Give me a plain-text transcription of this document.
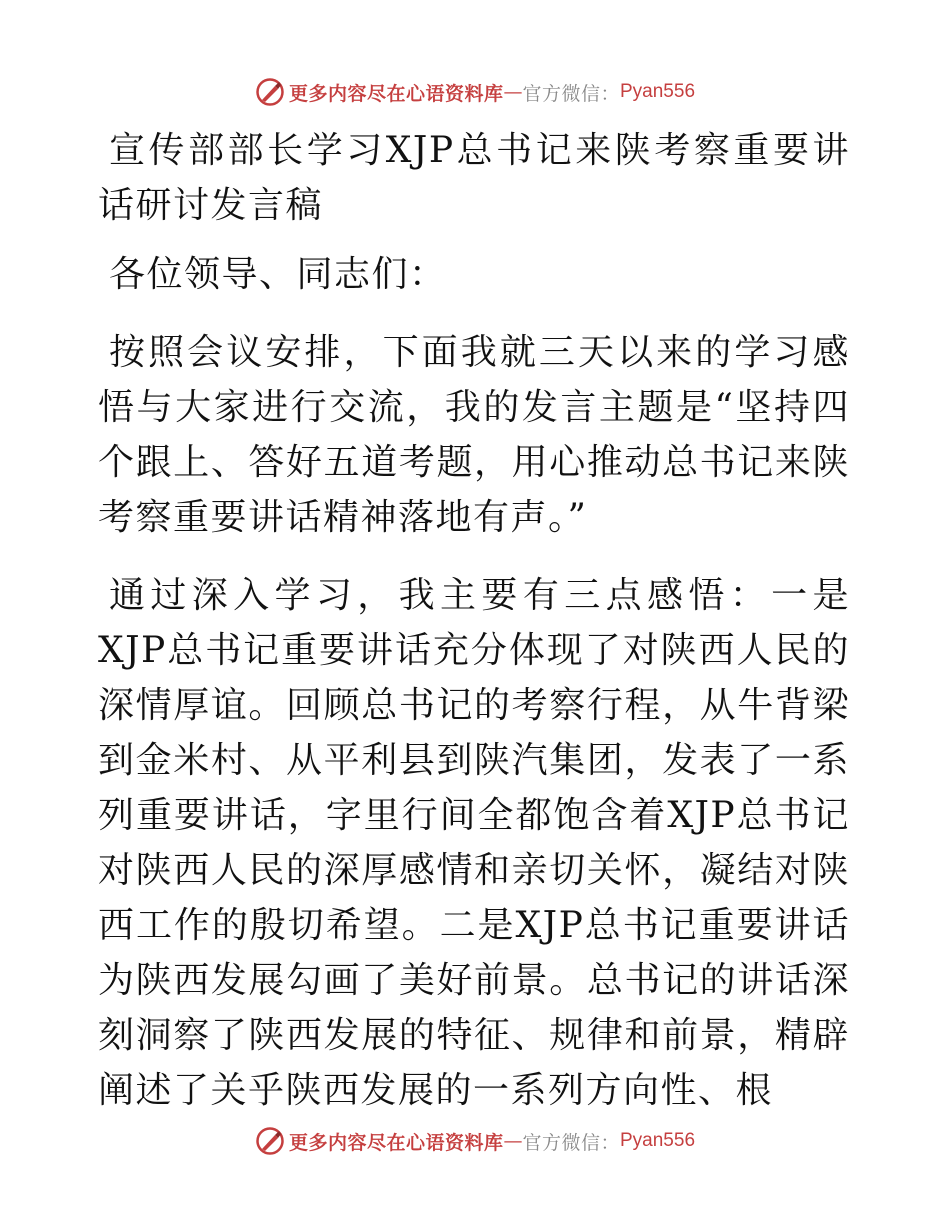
更多内容尽在心语资料库 — 官方微信： Pyan556

宣传部部长学习XJP总书记来陕考察重要讲话研讨发言稿

各位领导、同志们：

按照会议安排，下面我就三天以来的学习感悟与大家进行交流，我的发言主题是“坚持四个跟上、答好五道考题，用心推动总书记来陕考察重要讲话精神落地有声。”

通过深入学习，我主要有三点感悟：一是XJP总书记重要讲话充分体现了对陕西人民的深情厚谊。回顾总书记的考察行程，从牛背梁到金米村、从平利县到陕汽集团，发表了一系列重要讲话，字里行间全都饱含着XJP总书记对陕西人民的深厚感情和亲切关怀，凝结对陕西工作的殷切希望。二是XJP总书记重要讲话为陕西发展勾画了美好前景。总书记的讲话深刻洞察了陕西发展的特征、规律和前景，精辟阐述了关乎陕西发展的一系列方向性、根

更多内容尽在心语资料库 — 官方微信： Pyan556
